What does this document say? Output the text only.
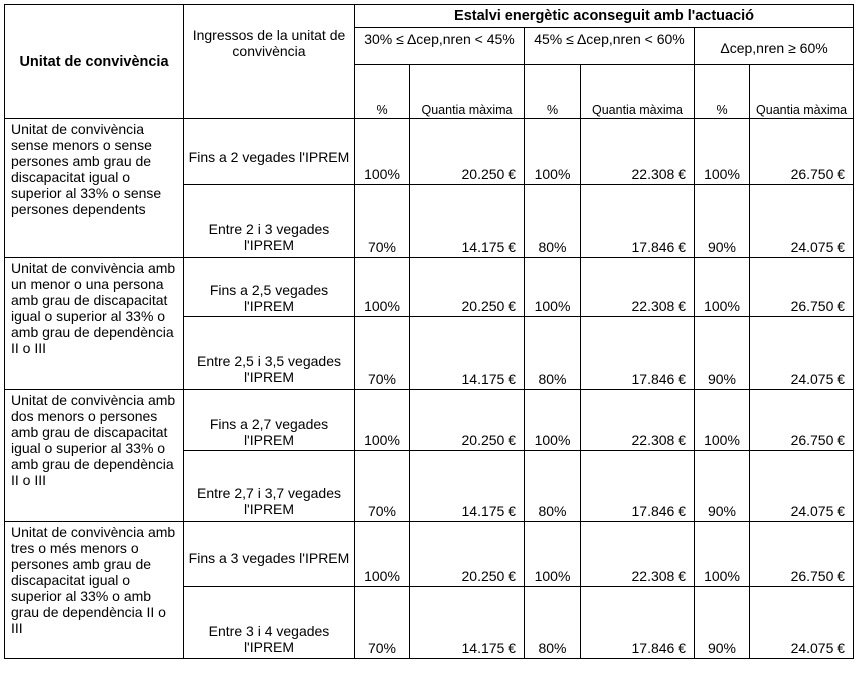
Unitat de convivència	Ingressos de la unitat de convivència	Estalvi energètic aconseguit amb l'actuació					
		30% ≤ Δcep,nren < 45%		45% ≤ Δcep,nren < 60%		Δcep,nren ≥ 60%	
		%	Quantia màxima	%	Quantia màxima	%	Quantia màxima
Unitat de convivència sense menors o sense persones amb grau de discapacitat igual o superior al 33% o sense persones dependents	Fins a 2 vegades l'IPREM	100%	20.250 €	100%	22.308 €	100%	26.750 €
	Entre 2 i 3 vegades l'IPREM	70%	14.175 €	80%	17.846 €	90%	24.075 €
Unitat de convivència amb un menor o una persona amb grau de discapacitat igual o superior al 33% o amb grau de dependència II o III	Fins a 2,5 vegades l'IPREM	100%	20.250 €	100%	22.308 €	100%	26.750 €
	Entre 2,5 i 3,5 vegades l'IPREM	70%	14.175 €	80%	17.846 €	90%	24.075 €
Unitat de convivència amb dos menors o persones amb grau de discapacitat igual o superior al 33% o amb grau de dependència II o III	Fins a 2,7 vegades l'IPREM	100%	20.250 €	100%	22.308 €	100%	26.750 €
	Entre 2,7 i 3,7 vegades l'IPREM	70%	14.175 €	80%	17.846 €	90%	24.075 €
Unitat de convivència amb tres o més menors o persones amb grau de discapacitat igual o superior al 33% o amb grau de dependència II o III	Fins a 3 vegades l'IPREM	100%	20.250 €	100%	22.308 €	100%	26.750 €
	Entre 3 i 4 vegades l'IPREM	70%	14.175 €	80%	17.846 €	90%	24.075 €
